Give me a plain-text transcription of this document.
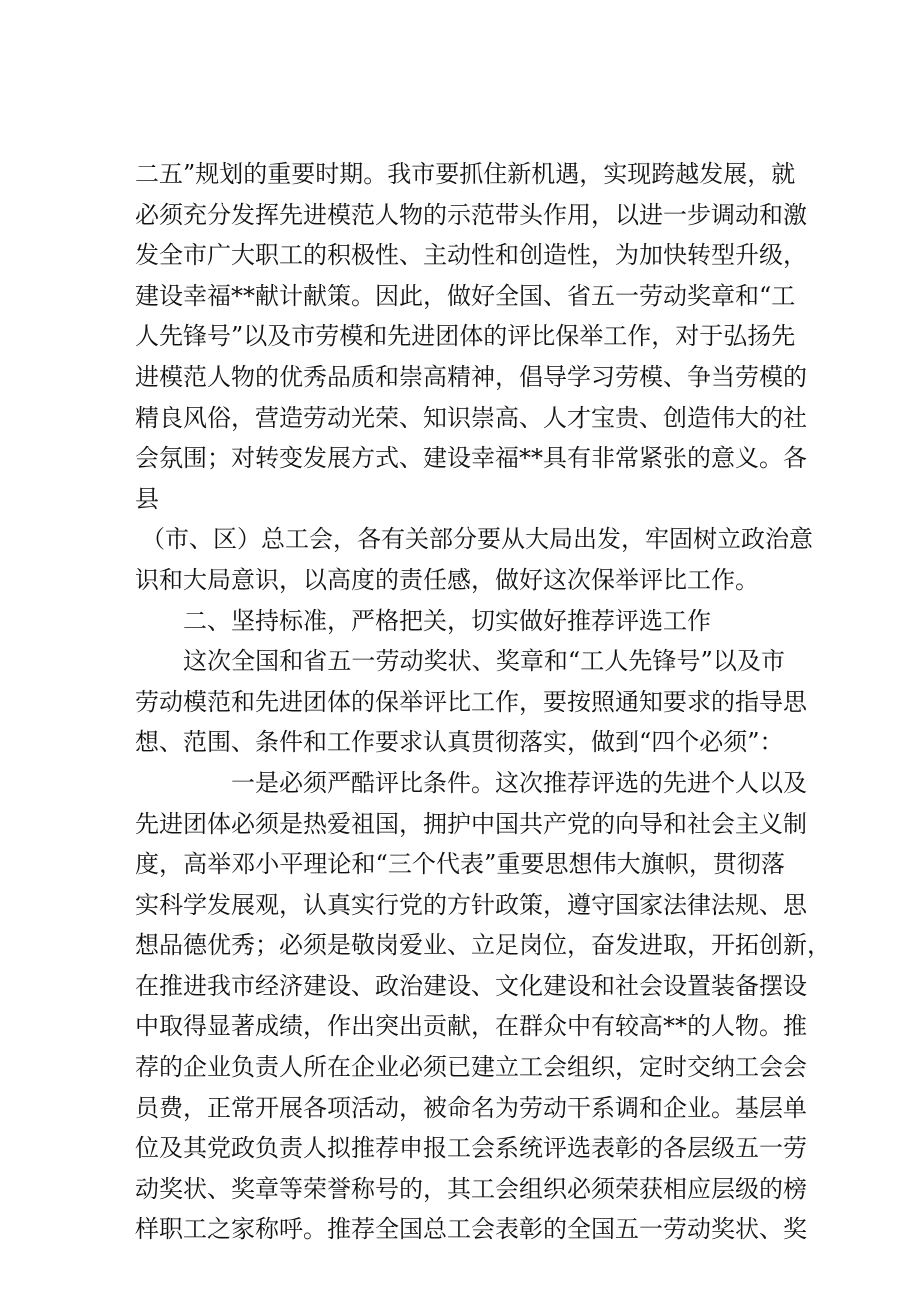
二五”规划的重要时期。我市要抓住新机遇，实现跨越发展，就
必须充分发挥先进模范人物的示范带头作用，以进一步调动和激
发全市广大职工的积极性、主动性和创造性，为加快转型升级，
建设幸福**献计献策。因此，做好全国、省五一劳动奖章和“工
人先锋号”以及市劳模和先进团体的评比保举工作，对于弘扬先
进模范人物的优秀品质和崇高精神，倡导学习劳模、争当劳模的
精良风俗，营造劳动光荣、知识崇高、人才宝贵、创造伟大的社
会氛围；对转变发展方式、建设幸福**具有非常紧张的意义。各
县
（市、区）总工会，各有关部分要从大局出发，牢固树立政治意
识和大局意识，以高度的责任感，做好这次保举评比工作。
二、坚持标准，严格把关，切实做好推荐评选工作
这次全国和省五一劳动奖状、奖章和“工人先锋号”以及市
劳动模范和先进团体的保举评比工作，要按照通知要求的指导思
想、范围、条件和工作要求认真贯彻落实，做到“四个必须”：
一是必须严酷评比条件。这次推荐评选的先进个人以及
先进团体必须是热爱祖国，拥护中国共产党的向导和社会主义制
度，高举邓小平理论和“三个代表”重要思想伟大旗帜，贯彻落
实科学发展观，认真实行党的方针政策，遵守国家法律法规、思
想品德优秀；必须是敬岗爱业、立足岗位，奋发进取，开拓创新，
在推进我市经济建设、政治建设、文化建设和社会设置装备摆设
中取得显著成绩，作出突出贡献，在群众中有较高**的人物。推
荐的企业负责人所在企业必须已建立工会组织，定时交纳工会会
员费，正常开展各项活动，被命名为劳动干系调和企业。基层单
位及其党政负责人拟推荐申报工会系统评选表彰的各层级五一劳
动奖状、奖章等荣誉称号的，其工会组织必须荣获相应层级的榜
样职工之家称呼。推荐全国总工会表彰的全国五一劳动奖状、奖
